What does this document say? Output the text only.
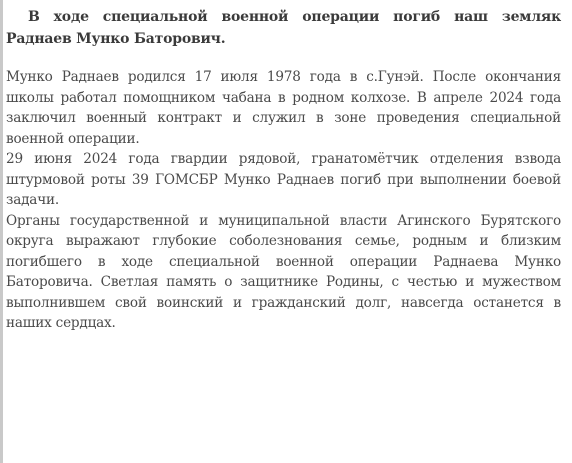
В ходе специальной военной операции погиб наш земляк Раднаев Мунко Баторович.

Мунко Раднаев родился 17 июля 1978 года в с.Гунэй. После окончания школы работал помощником чабана в родном колхозе. В апреле 2024 года заключил военный контракт и служил в зоне проведения специальной военной операции.

29 июня 2024 года гвардии рядовой, гранатомётчик отделения взвода штурмовой роты 39 ГОМСБР Мунко Раднаев погиб при выполнении боевой задачи.

Органы государственной и муниципальной власти Агинского Бурятского округа выражают глубокие соболезнования семье, родным и близким погибшего в ходе специальной военной операции Раднаева Мунко Баторовича. Светлая память о защитнике Родины, с честью и мужеством выполнившем свой воинский и гражданский долг, навсегда останется в наших сердцах.
